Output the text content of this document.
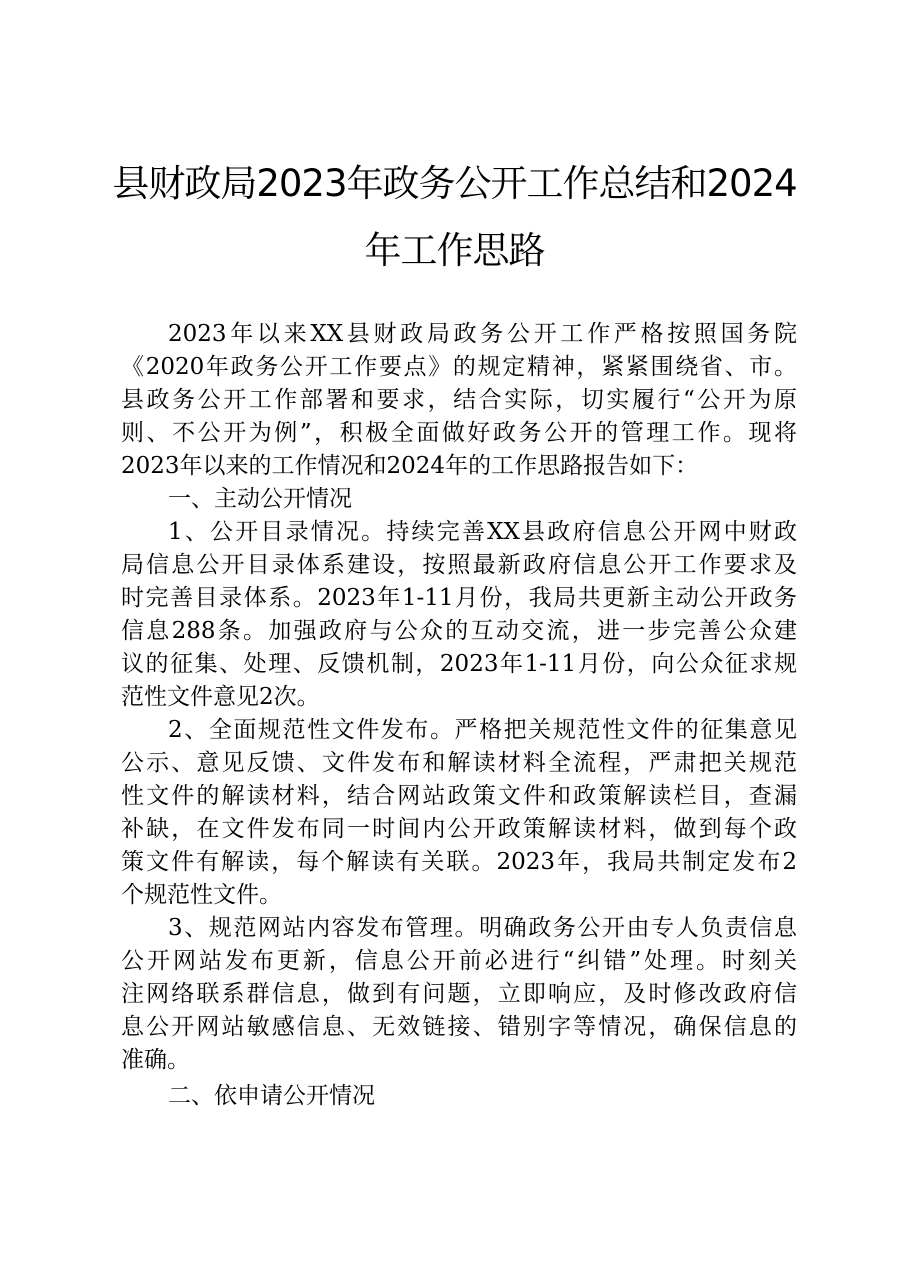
县财政局2023年政务公开工作总结和2024
年工作思路
2023年以来XX县财政局政务公开工作严格按照国务院
《2020年政务公开工作要点》的规定精神，紧紧围绕省、市。
县政务公开工作部署和要求，结合实际，切实履行“公开为原
则、不公开为例”，积极全面做好政务公开的管理工作。现将
2023年以来的工作情况和2024年的工作思路报告如下：
一、主动公开情况
1、公开目录情况。持续完善XX县政府信息公开网中财政
局信息公开目录体系建设，按照最新政府信息公开工作要求及
时完善目录体系。2023年1-11月份，我局共更新主动公开政务
信息288条。加强政府与公众的互动交流，进一步完善公众建
议的征集、处理、反馈机制，2023年1-11月份，向公众征求规
范性文件意见2次。
2、全面规范性文件发布。严格把关规范性文件的征集意见
公示、意见反馈、文件发布和解读材料全流程，严肃把关规范
性文件的解读材料，结合网站政策文件和政策解读栏目，查漏
补缺，在文件发布同一时间内公开政策解读材料，做到每个政
策文件有解读，每个解读有关联。2023年，我局共制定发布2
个规范性文件。
3、规范网站内容发布管理。明确政务公开由专人负责信息
公开网站发布更新，信息公开前必进行“纠错”处理。时刻关
注网络联系群信息，做到有问题，立即响应，及时修改政府信
息公开网站敏感信息、无效链接、错别字等情况，确保信息的
准确。
二、依申请公开情况
